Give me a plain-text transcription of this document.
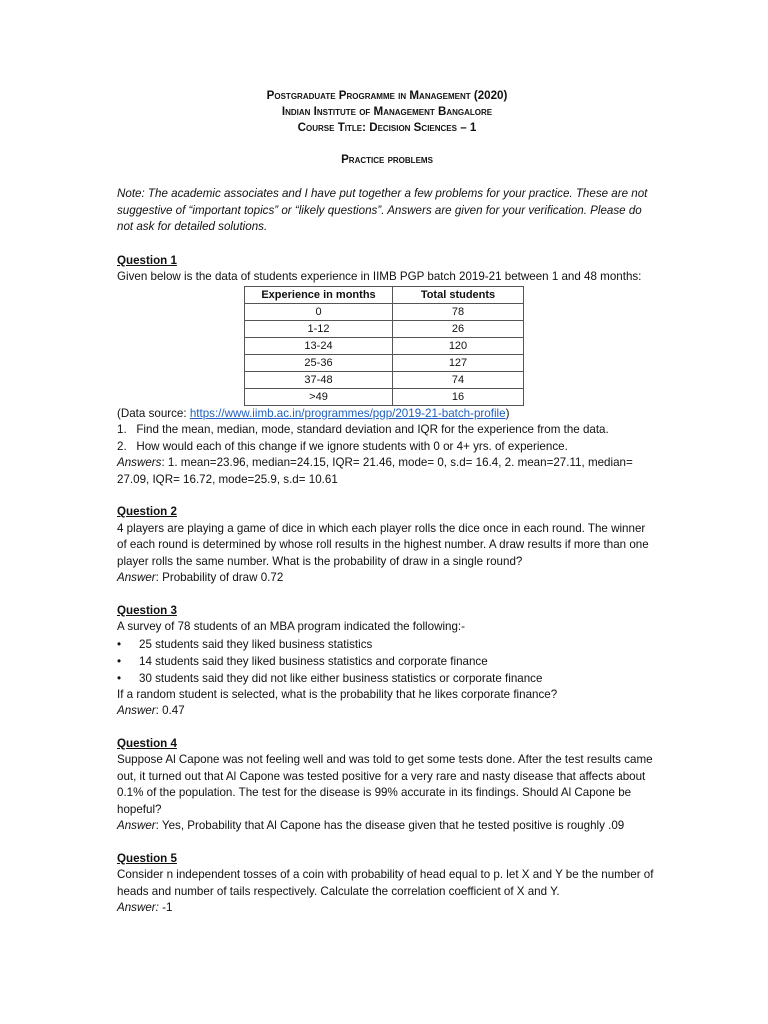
Postgraduate Programme in Management (2020)
Indian Institute of Management Bangalore
Course Title: Decision Sciences – 1
Practice problems
Note: The academic associates and I have put together a few problems for your practice. These are not suggestive of “important topics” or “likely questions”. Answers are given for your verification. Please do not ask for detailed solutions.
Question 1
Given below is the data of students experience in IIMB PGP batch 2019-21 between 1 and 48 months:
Experience in months	Total students
0	78
1-12	26
13-24	120
25-36	127
37-48	74
>49	16
(Data source: https://www.iimb.ac.in/programmes/pgp/2019-21-batch-profile)
1.   Find the mean, median, mode, standard deviation and IQR for the experience from the data.
2.   How would each of this change if we ignore students with 0 or 4+ yrs. of experience.
Answers: 1. mean=23.96, median=24.15, IQR= 21.46, mode= 0, s.d= 16.4, 2. mean=27.11, median= 27.09, IQR= 16.72, mode=25.9, s.d= 10.61
Question 2
4 players are playing a game of dice in which each player rolls the dice once in each round. The winner of each round is determined by whose roll results in the highest number. A draw results if more than one player rolls the same number. What is the probability of draw in a single round?
Answer: Probability of draw 0.72
Question 3
A survey of 78 students of an MBA program indicated the following:-
• 25 students said they liked business statistics
• 14 students said they liked business statistics and corporate finance
• 30 students said they did not like either business statistics or corporate finance
If a random student is selected, what is the probability that he likes corporate finance?
Answer: 0.47
Question 4
Suppose Al Capone was not feeling well and was told to get some tests done. After the test results came out, it turned out that Al Capone was tested positive for a very rare and nasty disease that affects about 0.1% of the population. The test for the disease is 99% accurate in its findings. Should Al Capone be hopeful?
Answer: Yes, Probability that Al Capone has the disease given that he tested positive is roughly .09
Question 5
Consider n independent tosses of a coin with probability of head equal to p. let X and Y be the number of heads and number of tails respectively. Calculate the correlation coefficient of X and Y.
Answer: -1
